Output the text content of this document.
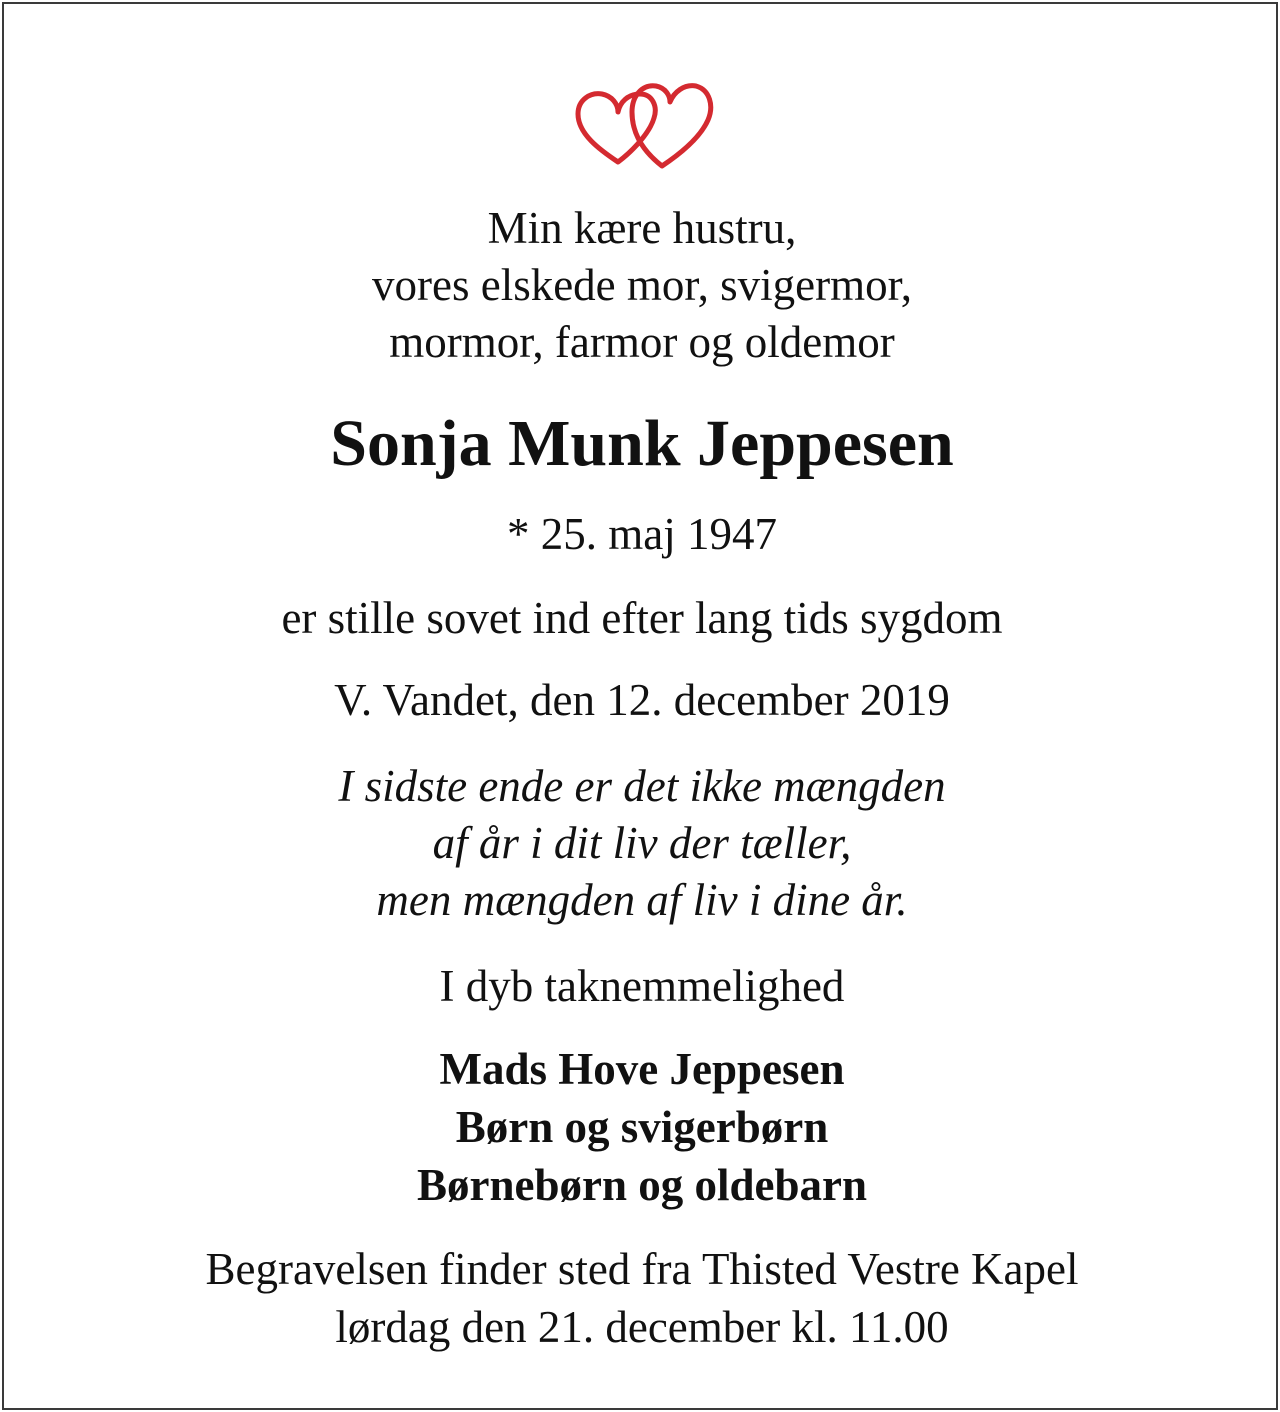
Min kære hustru,
vores elskede mor, svigermor,
mormor, farmor og oldemor
Sonja Munk Jeppesen
* 25. maj 1947
er stille sovet ind efter lang tids sygdom
V. Vandet, den 12. december 2019
I sidste ende er det ikke mængden
af år i dit liv der tæller,
men mængden af liv i dine år.
I dyb taknemmelighed
Mads Hove Jeppesen
Børn og svigerbørn
Børnebørn og oldebarn
Begravelsen finder sted fra Thisted Vestre Kapel
lørdag den 21. december kl. 11.00
